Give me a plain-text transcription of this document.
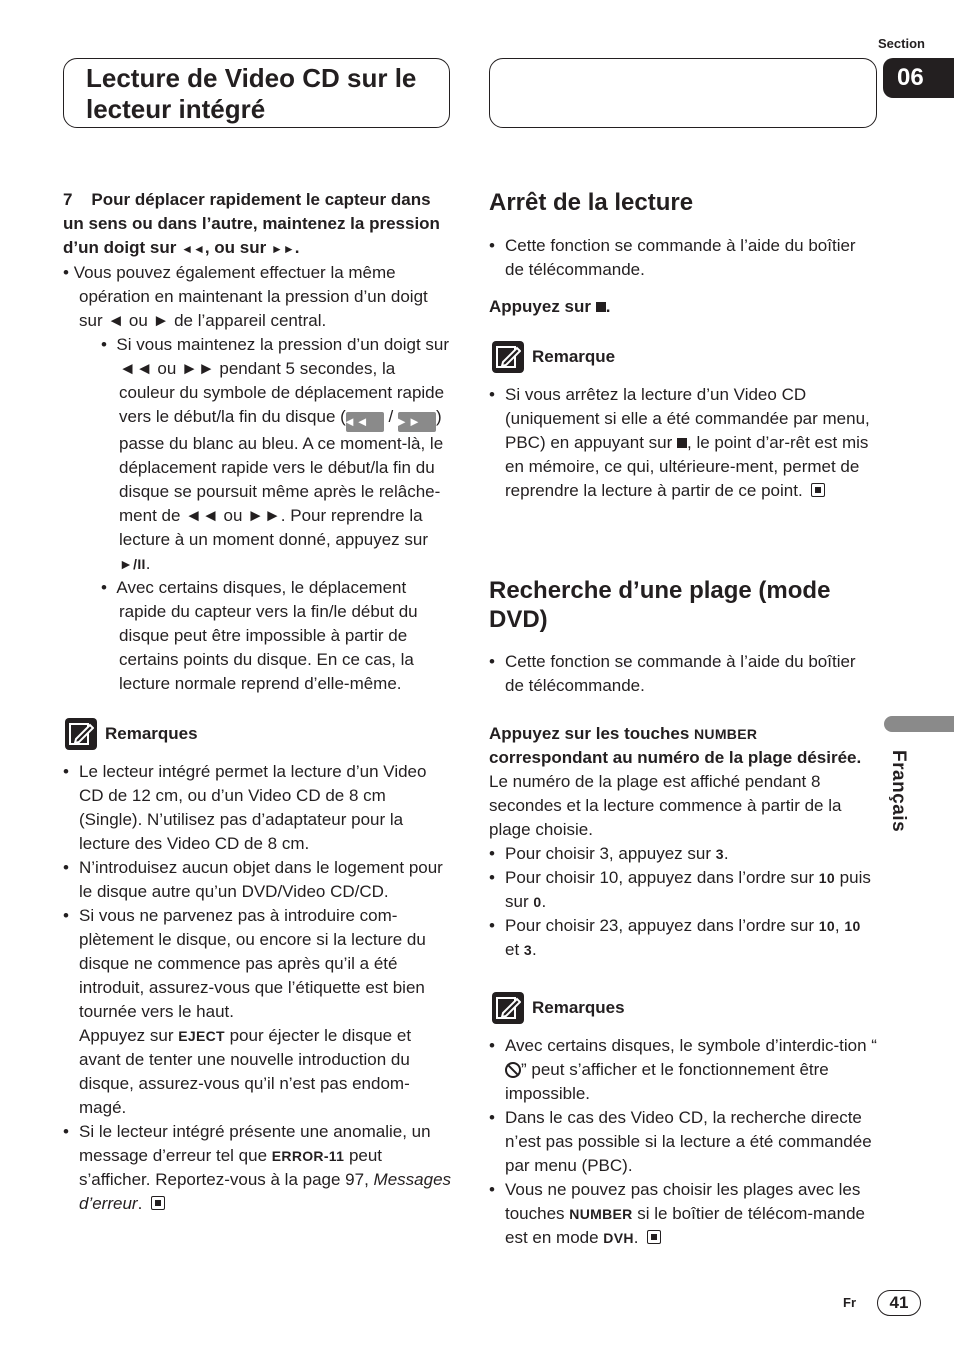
Section
06
Lecture de Video CD sur le
lecteur intégré

7 Pour déplacer rapidement le capteur dans un sens ou dans l’autre, maintenez la pression d’un doigt sur ◄◄, ou sur ►►.

• Vous pouvez également effectuer la même opération en maintenant la pression d’un doigt sur ◄ ou ► de l’appareil central.

•  Si vous maintenez la pression d’un doigt sur ◄◄ ou ►► pendant 5 secondes, la couleur du symbole de déplacement rapide vers le début/la fin du disque (◄◄ / ►► ) passe du blanc au bleu. A ce moment-là, le déplacement rapide vers le début/la fin du disque se poursuit même après le relâche-ment de ◄◄ ou ►►. Pour reprendre la lecture à un moment donné, appuyez sur ►/II.
•  Avec certains disques, le déplacement rapide du capteur vers la fin/le début du disque peut être impossible à partir de certains points du disque. En ce cas, la lecture normale reprend d’elle-même.
Remarques

• Le lecteur intégré permet la lecture d’un Video CD de 12 cm, ou d’un Video CD de 8 cm (Single). N’utilisez pas d’adaptateur pour la lecture des Video CD de 8 cm.

• N’introduisez aucun objet dans le logement pour le disque autre qu’un DVD/Video CD/CD.

• Si vous ne parvenez pas à introduire com-plètement le disque, ou encore si la lecture du disque ne commence pas après qu’il a été introduit, assurez-vous que l’étiquette est bien tournée vers le haut.

Appuyez sur EJECT pour éjecter le disque et avant de tenter une nouvelle introduction du disque, assurez-vous qu’il n’est pas endom-magé.

• Si le lecteur intégré présente une anomalie, un message d’erreur tel que ERROR-11 peut s’afficher. Reportez-vous à la page 97, Messages d’erreur.

Arrêt de la lecture

• Cette fonction se commande à l’aide du boîtier de télécommande.

Appuyez sur .

Remarque

• Si vous arrêtez la lecture d’un Video CD (uniquement si elle a été commandée par menu, PBC) en appuyant sur , le point d’ar-rêt est mis en mémoire, ce qui, ultérieure-ment, permet de reprendre la lecture à partir de ce point.

Recherche d’une plage (mode DVD)

• Cette fonction se commande à l’aide du boîtier de télécommande.

Appuyez sur les touches NUMBER correspondant au numéro de la plage désirée.

Le numéro de la plage est affiché pendant 8 secondes et la lecture commence à partir de la plage choisie.

• Pour choisir 3, appuyez sur 3.

• Pour choisir 10, appuyez dans l’ordre sur 10 puis sur 0.

• Pour choisir 23, appuyez dans l’ordre sur 10, 10 et 3.

Remarques

• Avec certains disques, le symbole d’interdic-tion “” peut s’afficher et le fonctionnement être impossible.

• Dans le cas des Video CD, la recherche directe n’est pas possible si la lecture a été commandée par menu (PBC).

• Vous ne pouvez pas choisir les plages avec les touches NUMBER si le boîtier de télécom-mande est en mode DVH.

Français
Fr	41
